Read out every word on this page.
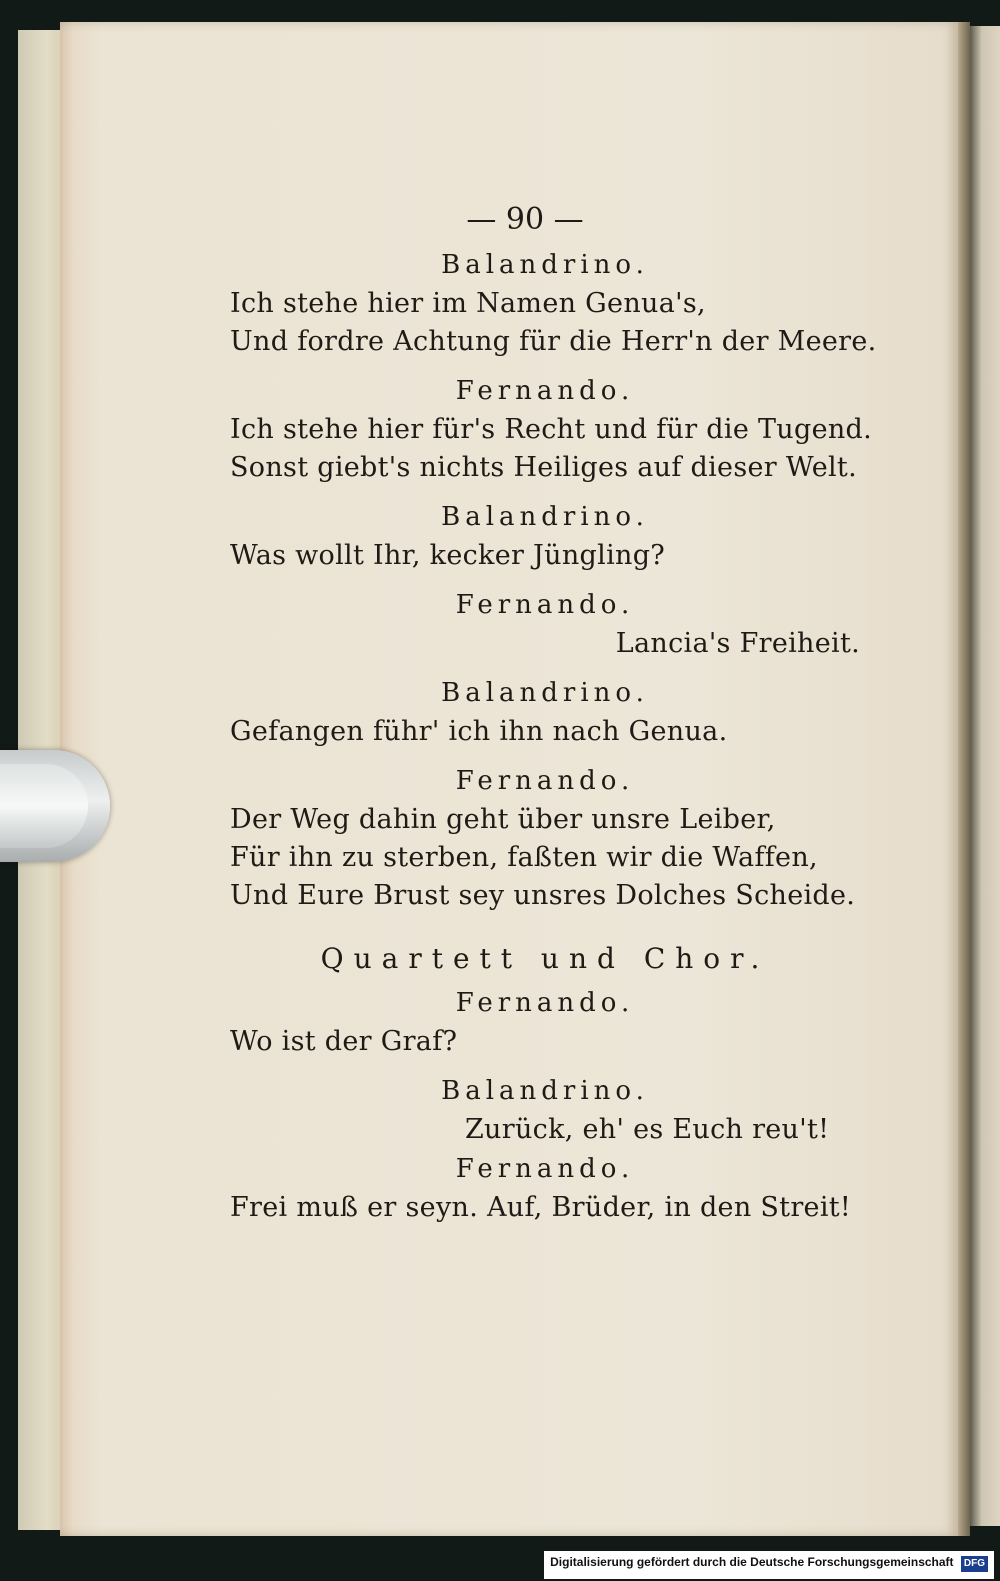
— 90 —
Balandrino.
Ich stehe hier im Namen Genua's,
Und fordre Achtung für die Herr'n der Meere.
Fernando.
Ich stehe hier für's Recht und für die Tugend.
Sonst giebt's nichts Heiliges auf dieser Welt.
Balandrino.
Was wollt Ihr, kecker Jüngling?
Fernando.
Lancia's Freiheit.
Balandrino.
Gefangen führ' ich ihn nach Genua.
Fernando.
Der Weg dahin geht über unsre Leiber,
Für ihn zu sterben, faßten wir die Waffen,
Und Eure Brust sey unsres Dolches Scheide.
Quartett und Chor.
Fernando.
Wo ist der Graf?
Balandrino.
Zurück, eh' es Euch reu't!
Fernando.
Frei muß er seyn. Auf, Brüder, in den Streit!
Digitalisierung gefördert durch die Deutsche Forschungsgemeinschaft DFG
